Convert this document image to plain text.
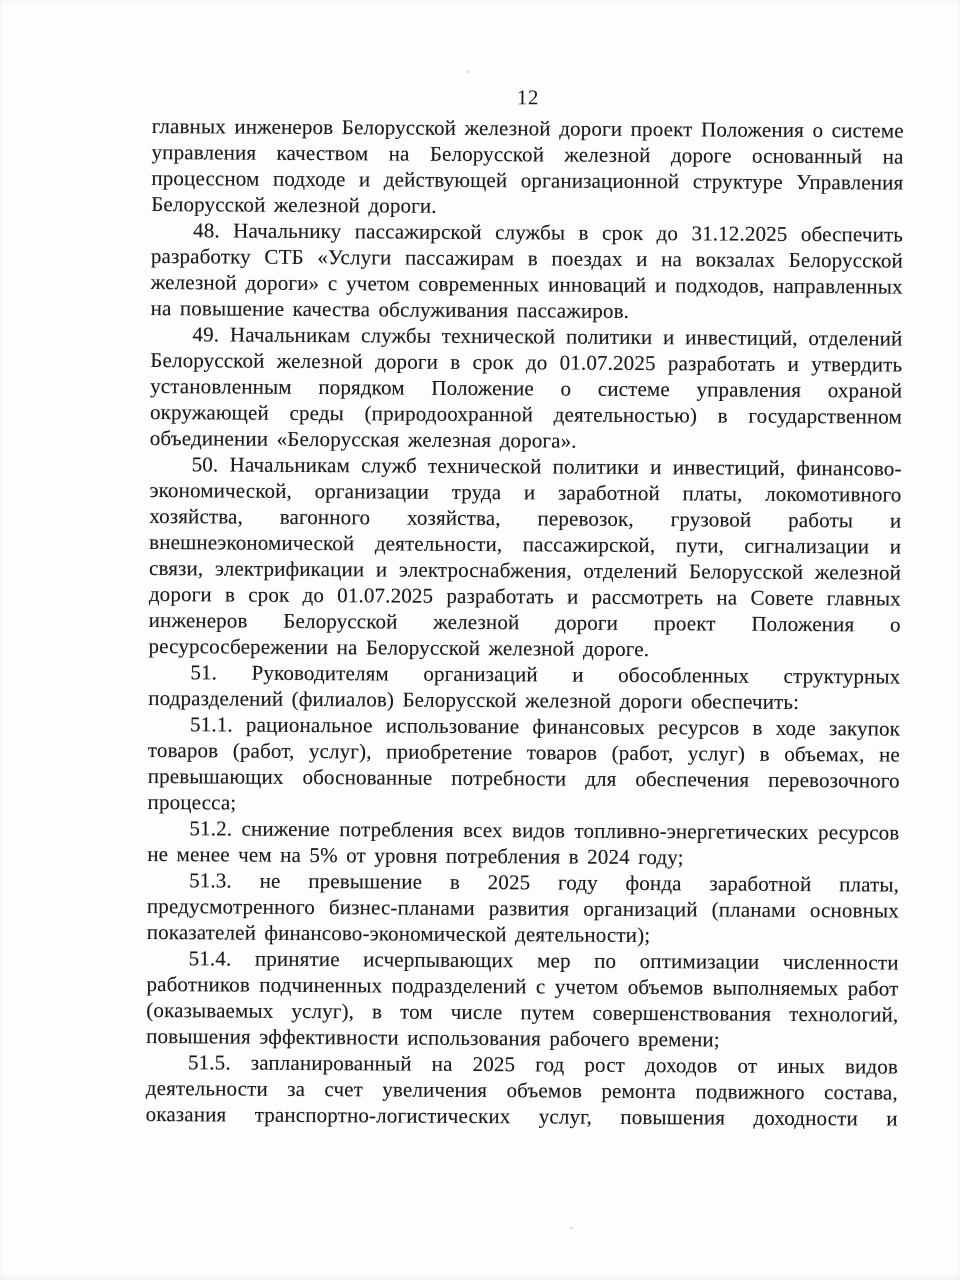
12

главных инженеров Белорусской железной дороги проект Положения о системе управления качеством на Белорусской железной дороге основанный на процессном подходе и действующей организационной структуре Управления Белорусской железной дороги.

48. Начальнику пассажирской службы в срок до 31.12.2025 обеспечить разработку СТБ «Услуги пассажирам в поездах и на вокзалах Белорусской железной дороги» с учетом современных инноваций и подходов, направленных на повышение качества обслуживания пассажиров.

49. Начальникам службы технической политики и инвестиций, отделений Белорусской железной дороги в срок до 01.07.2025 разработать и утвердить установленным порядком Положение о системе управления охраной окружающей среды (природоохранной деятельностью) в государственном объединении «Белорусская железная дорога».

50. Начальникам служб технической политики и инвестиций, финансово-экономической, организации труда и заработной платы, локомотивного хозяйства, вагонного хозяйства, перевозок, грузовой работы и внешнеэкономической деятельности, пассажирской, пути, сигнализации и связи, электрификации и электроснабжения, отделений Белорусской железной дороги в срок до 01.07.2025 разработать и рассмотреть на Совете главных инженеров Белорусской железной дороги проект Положения о ресурсосбережении на Белорусской железной дороге.

51. Руководителям организаций и обособленных структурных подразделений (филиалов) Белорусской железной дороги обеспечить:

51.1. рациональное использование финансовых ресурсов в ходе закупок товаров (работ, услуг), приобретение товаров (работ, услуг) в объемах, не превышающих обоснованные потребности для обеспечения перевозочного процесса;

51.2. снижение потребления всех видов топливно-энергетических ресурсов не менее чем на 5% от уровня потребления в 2024 году;

51.3. не превышение в 2025 году фонда заработной платы, предусмотренного бизнес-планами развития организаций (планами основных показателей финансово-экономической деятельности);

51.4. принятие исчерпывающих мер по оптимизации численности работников подчиненных подразделений с учетом объемов выполняемых работ (оказываемых услуг), в том числе путем совершенствования технологий, повышения эффективности использования рабочего времени;

51.5. запланированный на 2025 год рост доходов от иных видов деятельности за счет увеличения объемов ремонта подвижного состава, оказания транспортно-логистических услуг, повышения доходности и
